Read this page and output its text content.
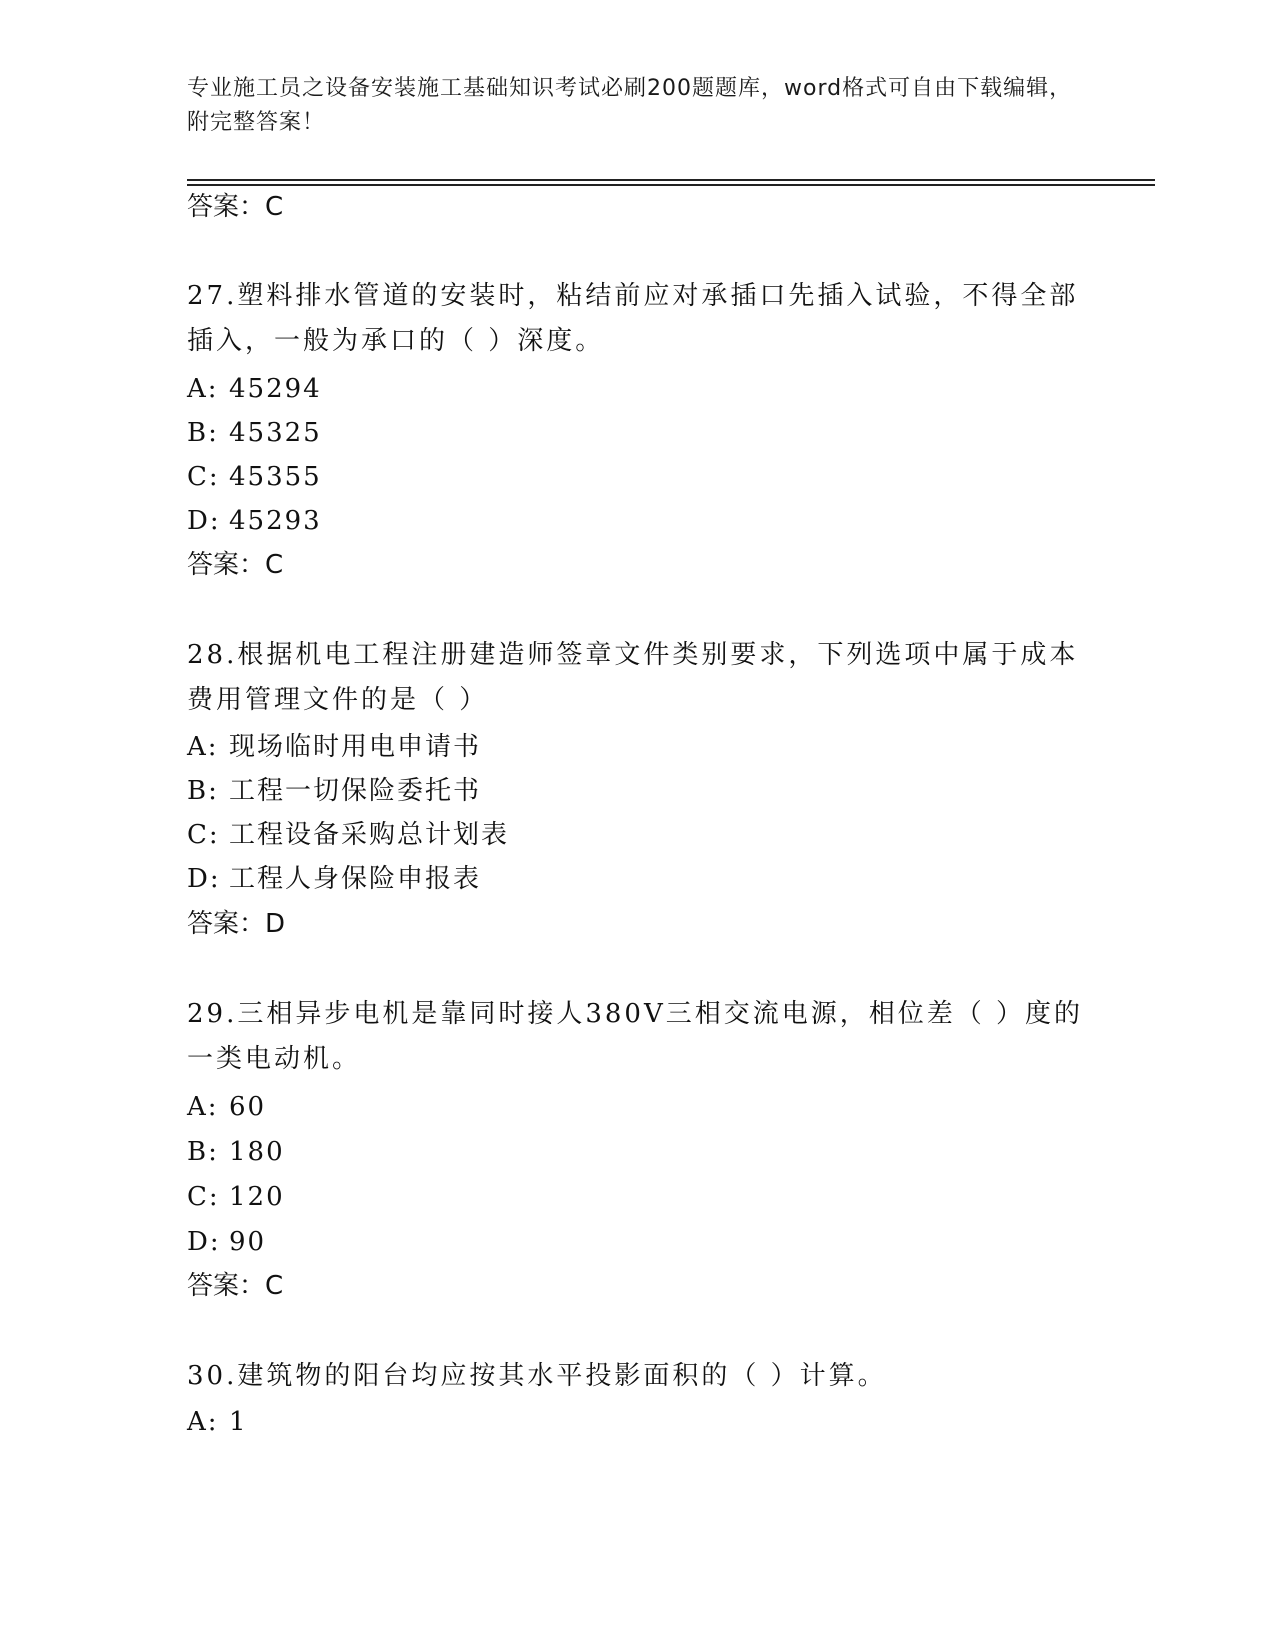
专业施工员之设备安装施工基础知识考试必刷200题题库，word格式可自由下载编辑，附完整答案！
答案：C
27.塑料排水管道的安装时，粘结前应对承插口先插入试验，不得全部插入，一般为承口的（ ）深度。
A: 45294
B: 45325
C: 45355
D: 45293
答案：C
28.根据机电工程注册建造师签章文件类别要求，下列选项中属于成本费用管理文件的是（ ）
A: 现场临时用电申请书
B: 工程一切保险委托书
C: 工程设备采购总计划表
D: 工程人身保险申报表
答案：D
29.三相异步电机是靠同时接人380V三相交流电源，相位差（ ）度的一类电动机。
A: 60
B: 180
C: 120
D: 90
答案：C
30.建筑物的阳台均应按其水平投影面积的（ ）计算。
A: 1
